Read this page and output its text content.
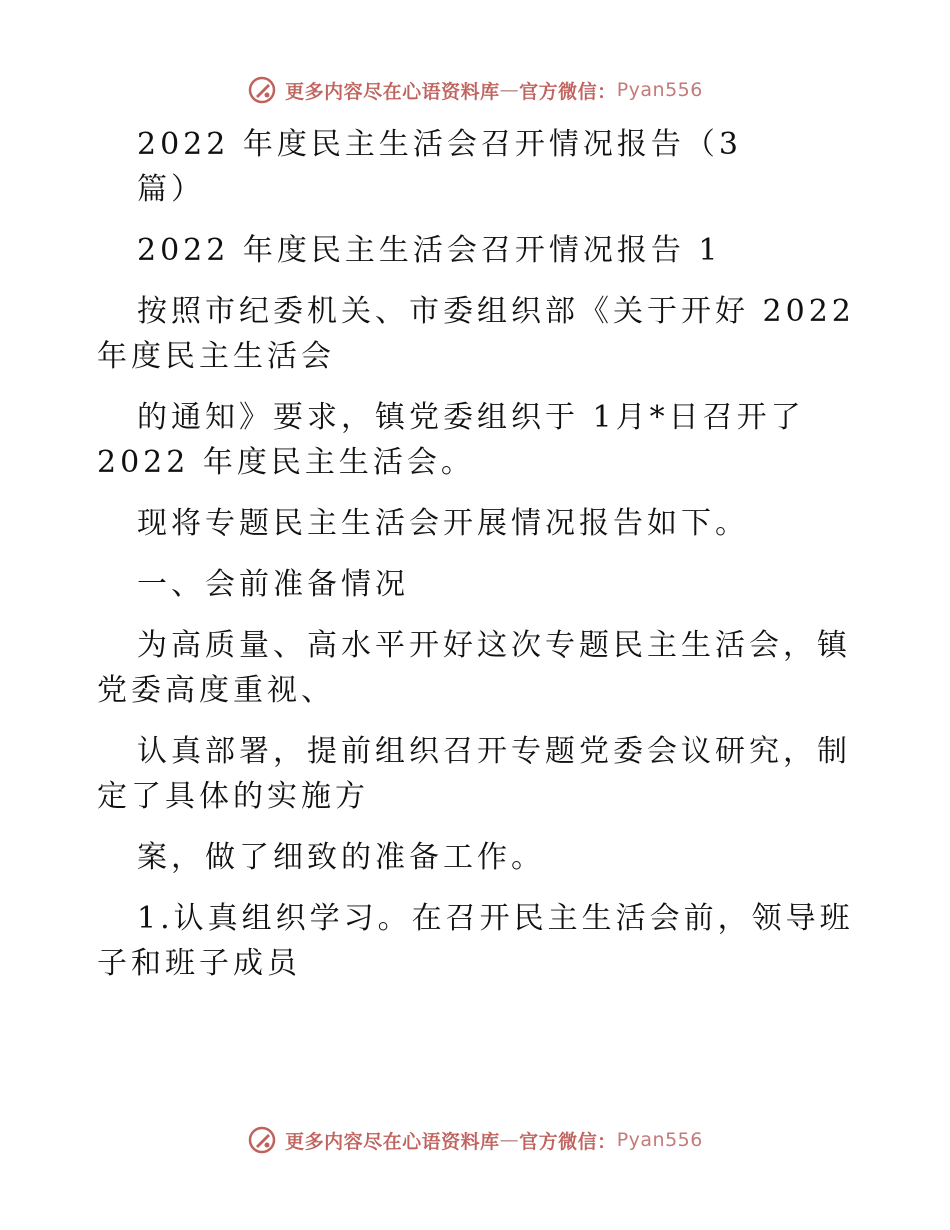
更多内容尽在心语资料库 — 官方微信： Pyan556
2022 年度民主生活会召开情况报告（3
篇）
2022 年度民主生活会召开情况报告 1
按照市纪委机关、市委组织部《关于开好 2022
年度民主生活会
的通知》要求，镇党委组织于 1月*日召开了
2022 年度民主生活会。
现将专题民主生活会开展情况报告如下。
一、会前准备情况
为高质量、高水平开好这次专题民主生活会，镇
党委高度重视、
认真部署，提前组织召开专题党委会议研究，制
定了具体的实施方
案，做了细致的准备工作。
1.认真组织学习。在召开民主生活会前，领导班
子和班子成员
更多内容尽在心语资料库 — 官方微信： Pyan556
